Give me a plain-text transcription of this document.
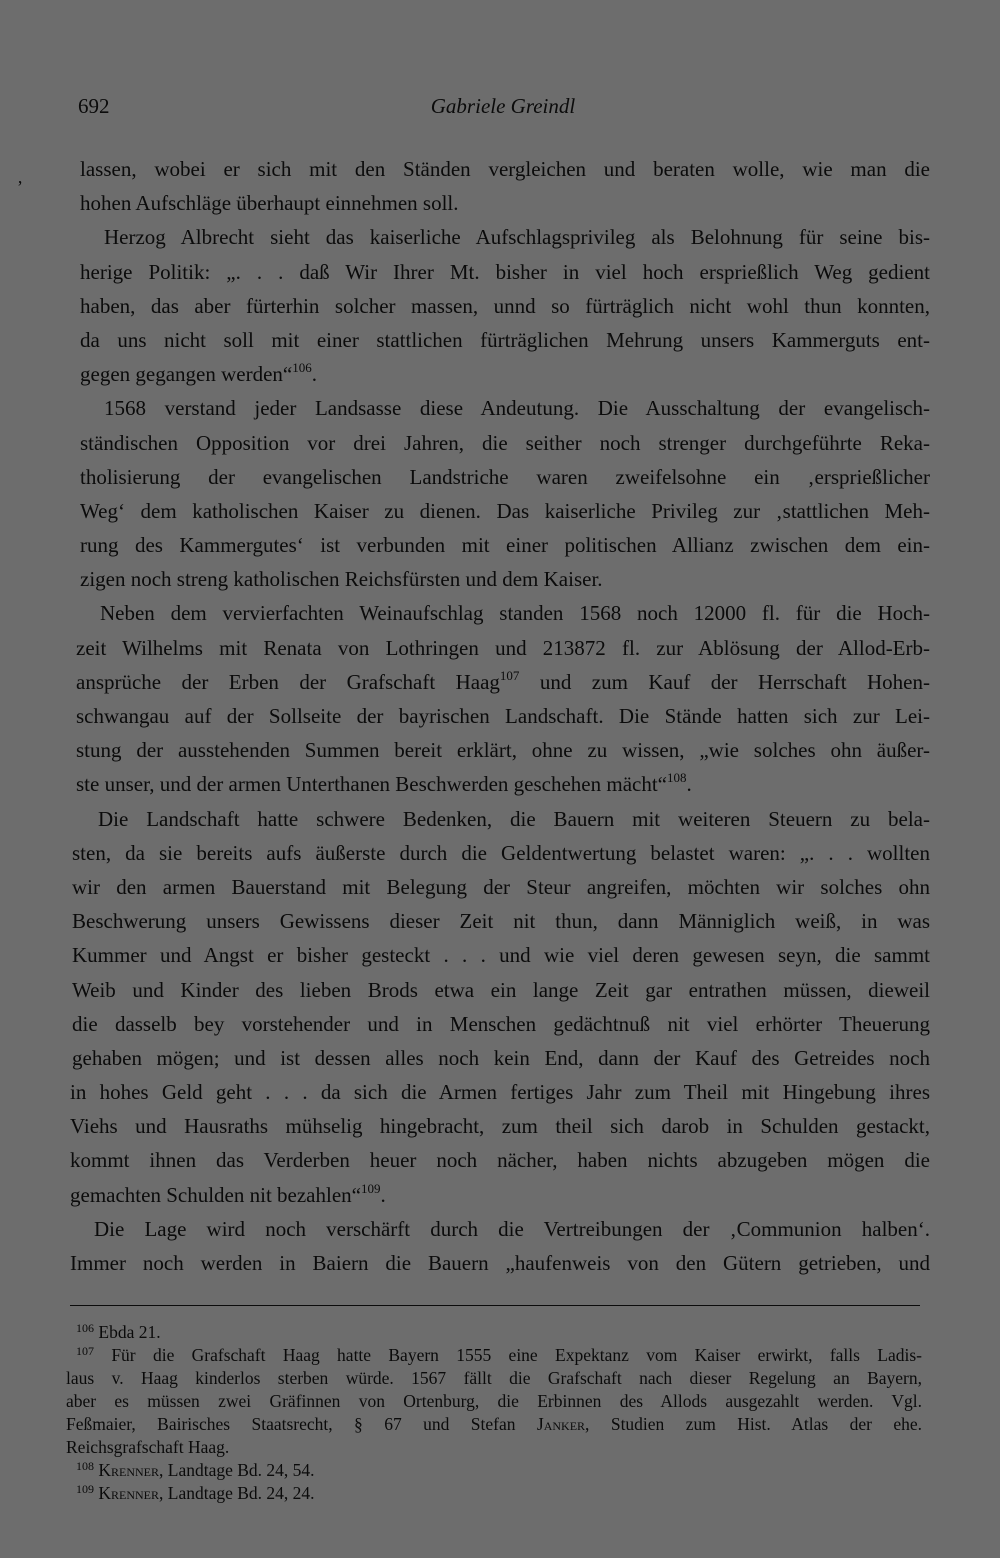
692	Gabriele Greindl
‚	lassen, wobei er sich mit den Ständen vergleichen und beraten wolle, wie man die
hohen Aufschläge überhaupt einnehmen soll.
Herzog Albrecht sieht das kaiserliche Aufschlagsprivileg als Belohnung für seine bis-
herige Politik: „. . . daß Wir Ihrer Mt. bisher in viel hoch ersprießlich Weg gedient
haben, das aber fürterhin solcher massen, unnd so fürträglich nicht wohl thun konnten,
da uns nicht soll mit einer stattlichen fürträglichen Mehrung unsers Kammerguts ent-
gegen gegangen werden“$^{106}$.
1568 verstand jeder Landsasse diese Andeutung. Die Ausschaltung der evangelisch-
ständischen Opposition vor drei Jahren, die seither noch strenger durchgeführte Reka-
tholisierung der evangelischen Landstriche waren zweifelsohne ein ‚ersprießlicher
Weg‘ dem katholischen Kaiser zu dienen. Das kaiserliche Privileg zur ‚stattlichen Meh-
rung des Kammergutes‘ ist verbunden mit einer politischen Allianz zwischen dem ein-
zigen noch streng katholischen Reichsfürsten und dem Kaiser.
Neben dem vervierfachten Weinaufschlag standen 1568 noch 12000 fl. für die Hoch-
zeit Wilhelms mit Renata von Lothringen und 213872 fl. zur Ablösung der Allod-Erb-
ansprüche der Erben der Grafschaft Haag$^{107}$ und zum Kauf der Herrschaft Hohen-
schwangau auf der Sollseite der bayrischen Landschaft. Die Stände hatten sich zur Lei-
stung der ausstehenden Summen bereit erklärt, ohne zu wissen, „wie solches ohn äußer-
ste unser, und der armen Unterthanen Beschwerden geschehen mächt“$^{108}$.
Die Landschaft hatte schwere Bedenken, die Bauern mit weiteren Steuern zu bela-
sten, da sie bereits aufs äußerste durch die Geldentwertung belastet waren: „. . . wollten
wir den armen Bauerstand mit Belegung der Steur angreifen, möchten wir solches ohn
Beschwerung unsers Gewissens dieser Zeit nit thun, dann Männiglich weiß, in was
Kummer und Angst er bisher gesteckt . . . und wie viel deren gewesen seyn, die sammt
Weib und Kinder des lieben Brods etwa ein lange Zeit gar entrathen müssen, dieweil
die dasselb bey vorstehender und in Menschen gedächtnuß nit viel erhörter Theuerung
gehaben mögen; und ist dessen alles noch kein End, dann der Kauf des Getreides noch
in hohes Geld geht . . . da sich die Armen fertiges Jahr zum Theil mit Hingebung ihres
Viehs und Hausraths mühselig hingebracht, zum theil sich darob in Schulden gestackt,
kommt ihnen das Verderben heuer noch nächer, haben nichts abzugeben mögen die
gemachten Schulden nit bezahlen“$^{109}$.
Die Lage wird noch verschärft durch die Vertreibungen der ‚Communion halben‘.
Immer noch werden in Baiern die Bauern „haufenweis von den Gütern getrieben, und
$^{106}$ Ebda 21.
$^{107}$ Für die Grafschaft Haag hatte Bayern 1555 eine Expektanz vom Kaiser erwirkt, falls Ladis-
laus v. Haag kinderlos sterben würde. 1567 fällt die Grafschaft nach dieser Regelung an Bayern,
aber es müssen zwei Gräfinnen von Ortenburg, die Erbinnen des Allods ausgezahlt werden. Vgl.
Feßmaier, Bairisches Staatsrecht, § 67 und Stefan Janker, Studien zum Hist. Atlas der ehe.
Reichsgrafschaft Haag.
$^{108}$ Krenner, Landtage Bd. 24, 54.
$^{109}$ Krenner, Landtage Bd. 24, 24.
